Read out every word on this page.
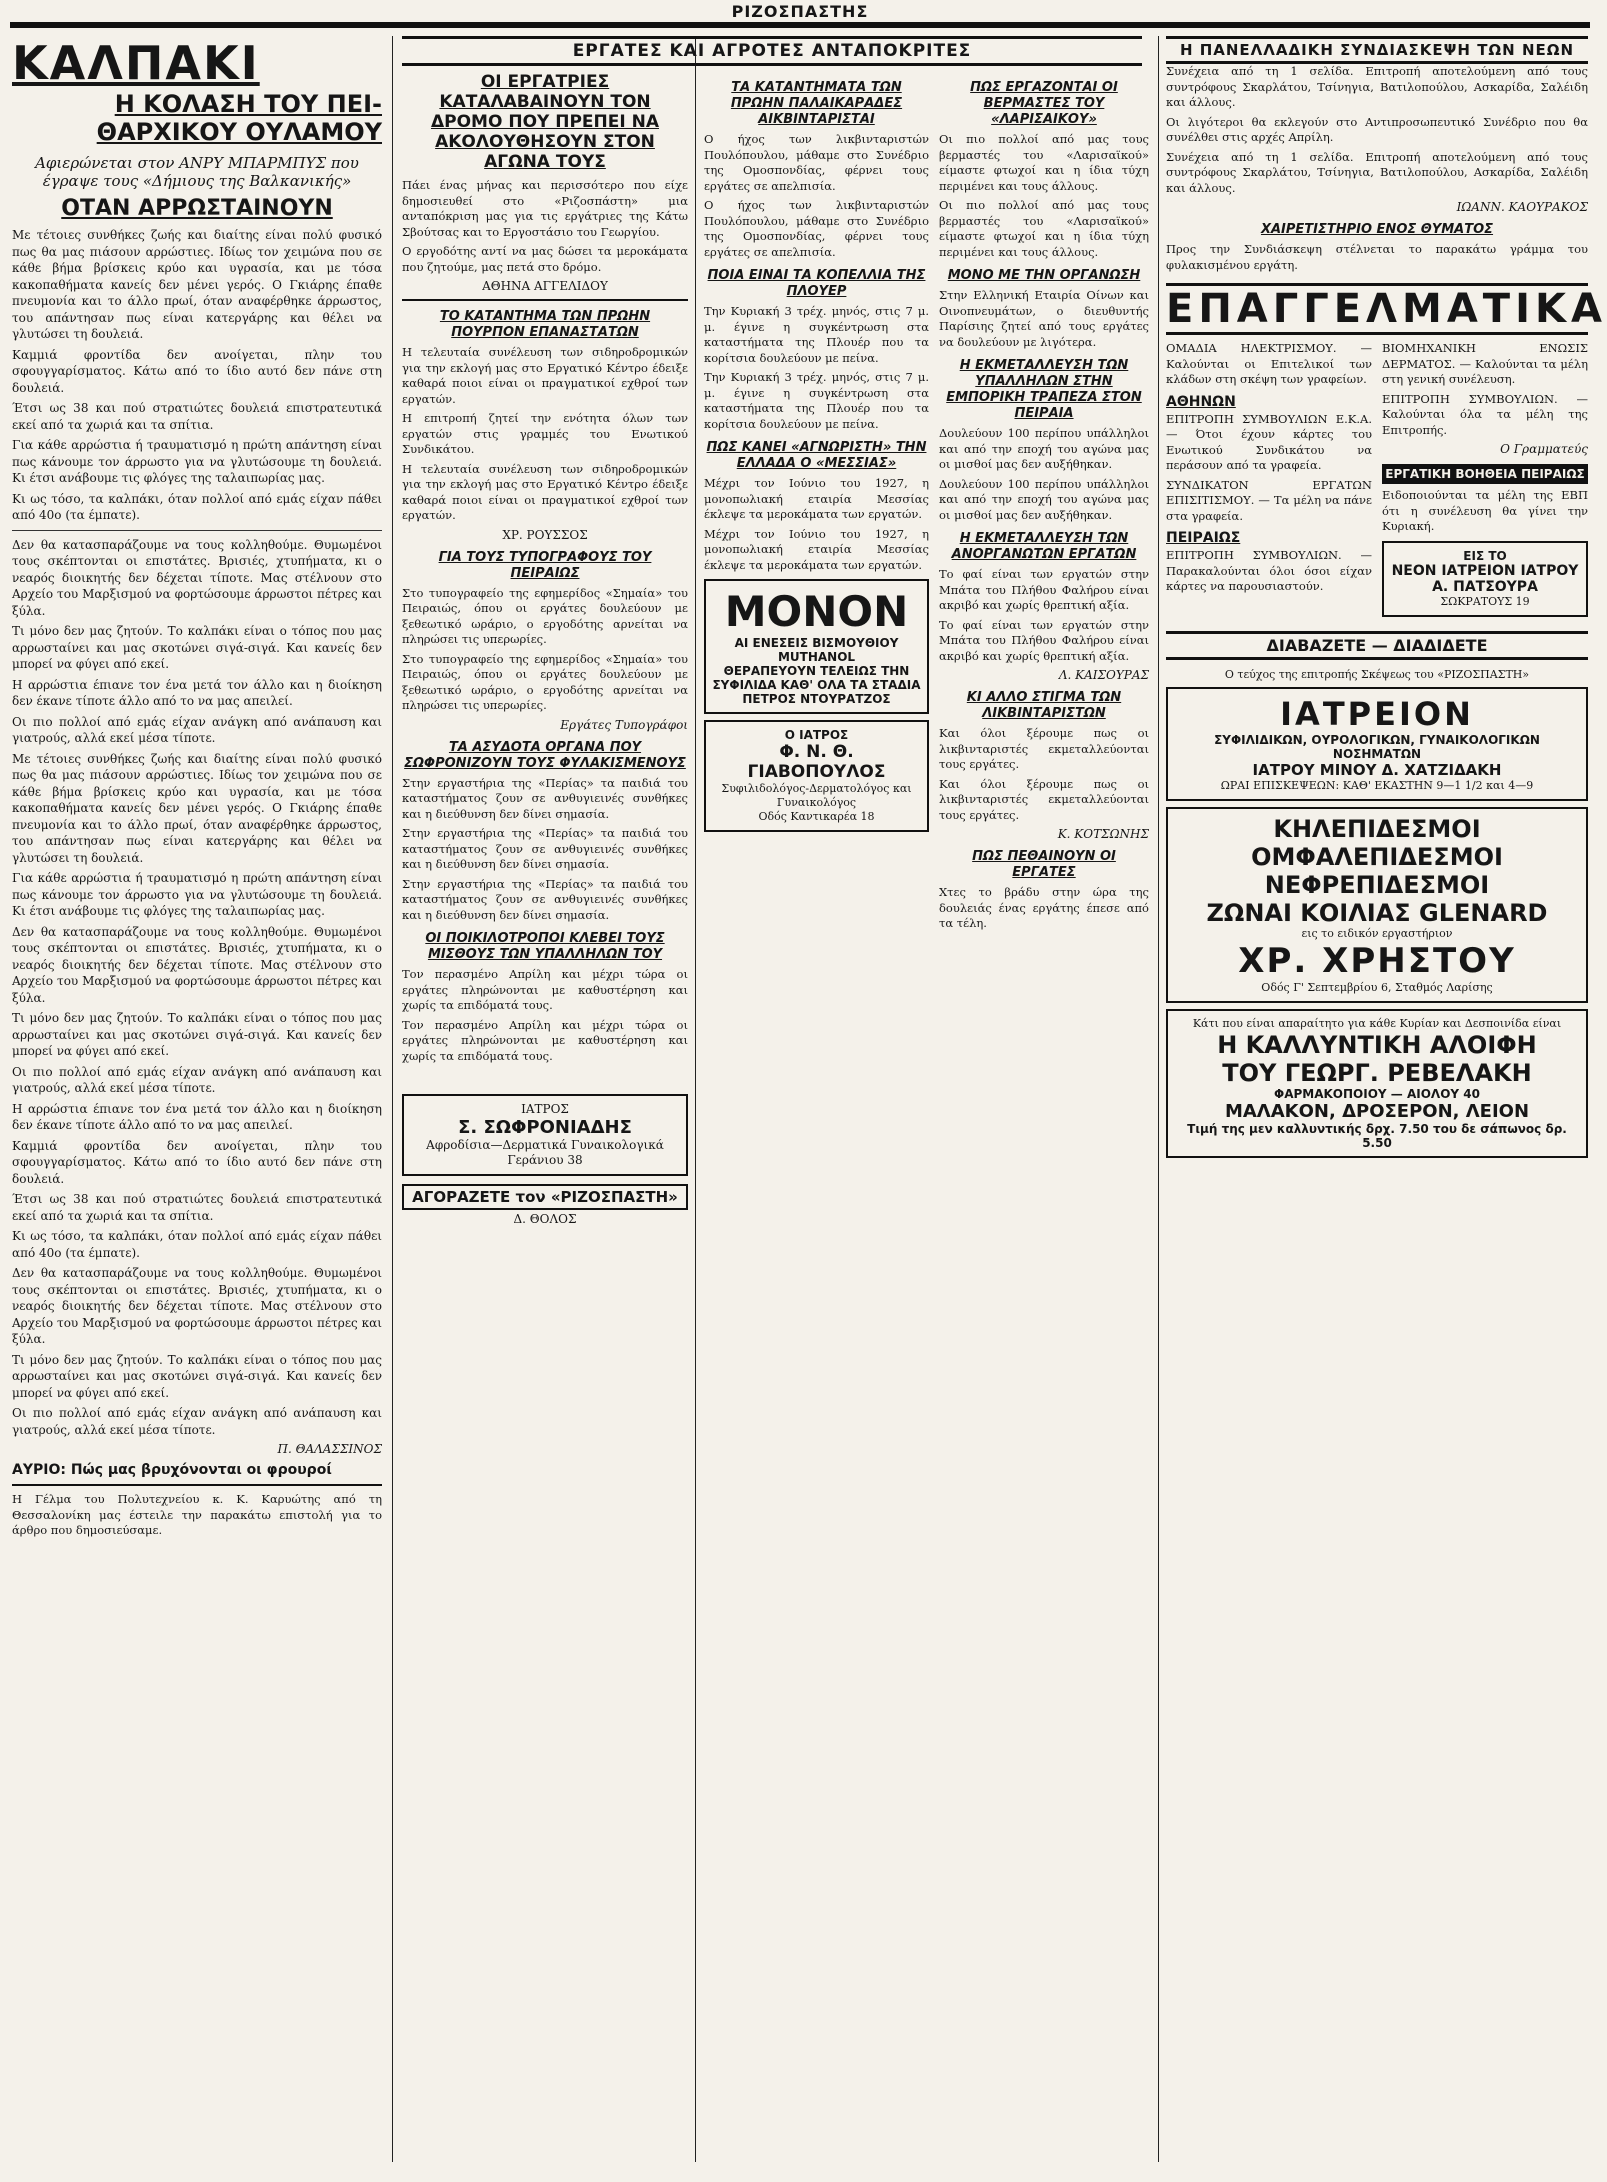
ΡΙΖΟΣΠΑΣΤΗΣ
ΚΑΛΠΑΚΙ
Η ΚΟΛΑΣΗ ΤΟΥ ΠΕΙ-ΘΑΡΧΙΚΟΥ ΟΥΛΑΜΟΥ
Αφιερώνεται στον ΑΝΡΥ ΜΠΑΡΜΠΥΣ που έγραψε τους «Δήμιους της Βαλκανικής»
ΟΤΑΝ ΑΡΡΩΣΤΑΙΝΟΥΝ

Με τέτοιες συνθήκες ζωής και διαίτης είναι πολύ φυσικό πως θα μας πιάσουν αρρώστιες. Ιδίως τον χειμώνα που σε κάθε βήμα βρίσκεις κρύο και υγρασία, και με τόσα κακοπαθήματα κανείς δεν μένει γερός. Ο Γκιάρης έπαθε πνευμονία και το άλλο πρωί, όταν αναφέρθηκε άρρωστος, του απάντησαν πως είναι κατεργάρης και θέλει να γλυτώσει τη δουλειά.

Καμμιά φροντίδα δεν ανοίγεται, πλην του σφουγγαρίσματος. Κάτω από το ίδιο αυτό δεν πάνε στη δουλειά.

Έτσι ως 38 και πού στρατιώτες δουλειά επιστρατευτικά εκεί από τα χωριά και τα σπίτια.

Για κάθε αρρώστια ή τραυματισμό η πρώτη απάντηση είναι πως κάνουμε τον άρρωστο για να γλυτώσουμε τη δουλειά. Κι έτσι ανάβουμε τις φλόγες της ταλαιπωρίας μας.

Κι ως τόσο, τα καλπάκι, όταν πολλοί από εμάς είχαν πάθει από 40ο (τα έμπατε).

Δεν θα κατασπαράζουμε να τους κολληθούμε. Θυμωμένοι τους σκέπτονται οι επιστάτες. Βρισιές, χτυπήματα, κι ο νεαρός διοικητής δεν δέχεται τίποτε. Μας στέλνουν στο Αρχείο του Μαρξισμού να φορτώσουμε άρρωστοι πέτρες και ξύλα.

Τι μόνο δεν μας ζητούν. Το καλπάκι είναι ο τόπος που μας αρρωσταίνει και μας σκοτώνει σιγά-σιγά. Και κανείς δεν μπορεί να φύγει από εκεί.

Η αρρώστια έπιανε τον ένα μετά τον άλλο και η διοίκηση δεν έκανε τίποτε άλλο από το να μας απειλεί.

Οι πιο πολλοί από εμάς είχαν ανάγκη από ανάπαυση και γιατρούς, αλλά εκεί μέσα τίποτε.

Με τέτοιες συνθήκες ζωής και διαίτης είναι πολύ φυσικό πως θα μας πιάσουν αρρώστιες. Ιδίως τον χειμώνα που σε κάθε βήμα βρίσκεις κρύο και υγρασία, και με τόσα κακοπαθήματα κανείς δεν μένει γερός. Ο Γκιάρης έπαθε πνευμονία και το άλλο πρωί, όταν αναφέρθηκε άρρωστος, του απάντησαν πως είναι κατεργάρης και θέλει να γλυτώσει τη δουλειά.

Για κάθε αρρώστια ή τραυματισμό η πρώτη απάντηση είναι πως κάνουμε τον άρρωστο για να γλυτώσουμε τη δουλειά. Κι έτσι ανάβουμε τις φλόγες της ταλαιπωρίας μας.

Δεν θα κατασπαράζουμε να τους κολληθούμε. Θυμωμένοι τους σκέπτονται οι επιστάτες. Βρισιές, χτυπήματα, κι ο νεαρός διοικητής δεν δέχεται τίποτε. Μας στέλνουν στο Αρχείο του Μαρξισμού να φορτώσουμε άρρωστοι πέτρες και ξύλα.

Τι μόνο δεν μας ζητούν. Το καλπάκι είναι ο τόπος που μας αρρωσταίνει και μας σκοτώνει σιγά-σιγά. Και κανείς δεν μπορεί να φύγει από εκεί.

Οι πιο πολλοί από εμάς είχαν ανάγκη από ανάπαυση και γιατρούς, αλλά εκεί μέσα τίποτε.

Η αρρώστια έπιανε τον ένα μετά τον άλλο και η διοίκηση δεν έκανε τίποτε άλλο από το να μας απειλεί.

Καμμιά φροντίδα δεν ανοίγεται, πλην του σφουγγαρίσματος. Κάτω από το ίδιο αυτό δεν πάνε στη δουλειά.

Έτσι ως 38 και πού στρατιώτες δουλειά επιστρατευτικά εκεί από τα χωριά και τα σπίτια.

Κι ως τόσο, τα καλπάκι, όταν πολλοί από εμάς είχαν πάθει από 40ο (τα έμπατε).

Δεν θα κατασπαράζουμε να τους κολληθούμε. Θυμωμένοι τους σκέπτονται οι επιστάτες. Βρισιές, χτυπήματα, κι ο νεαρός διοικητής δεν δέχεται τίποτε. Μας στέλνουν στο Αρχείο του Μαρξισμού να φορτώσουμε άρρωστοι πέτρες και ξύλα.

Τι μόνο δεν μας ζητούν. Το καλπάκι είναι ο τόπος που μας αρρωσταίνει και μας σκοτώνει σιγά-σιγά. Και κανείς δεν μπορεί να φύγει από εκεί.

Οι πιο πολλοί από εμάς είχαν ανάγκη από ανάπαυση και γιατρούς, αλλά εκεί μέσα τίποτε.

Π. ΘΑΛΑΣΣΙΝΟΣ
ΑΥΡΙΟ: Πώς μας βρυχόνονται οι φρουροί

Η Γέλμα του Πολυτεχνείου κ. Κ. Καρυώτης από τη Θεσσαλονίκη μας έστειλε την παρακάτω επιστολή για το άρθρο που δημοσιεύσαμε.

ΕΡΓΑΤΕΣ ΚΑΙ ΑΓΡΟΤΕΣ ΑΝΤΑΠΟΚΡΙΤΕΣ
ΟΙ ΕΡΓΑΤΡΙΕΣ ΚΑΤΑΛΑΒΑΙΝΟΥΝ ΤΟΝ ΔΡΟΜΟ ΠΟΥ ΠΡΕΠΕΙ ΝΑ ΑΚΟΛΟΥΘΗΣΟΥΝ ΣΤΟΝ ΑΓΩΝΑ ΤΟΥΣ

Πάει ένας μήνας και περισσότερο που είχε δημοσιευθεί στο «Ριζοσπάστη» μια ανταπόκριση μας για τις εργάτριες της Κάτω Σβούτσας και το Εργοστάσιο του Γεωργίου.

Ο εργοδότης αντί να μας δώσει τα μεροκάματα που ζητούμε, μας πετά στο δρόμο.

ΑΘΗΝΑ ΑΓΓΕΛΙΔΟΥ
ΤΟ ΚΑΤΑΝΤΗΜΑ ΤΩΝ ΠΡΩΗΝ ΠΟΥΡΠΟΝ ΕΠΑΝΑΣΤΑΤΩΝ

Η τελευταία συνέλευση των σιδηροδρομικών για την εκλογή μας στο Εργατικό Κέντρο έδειξε καθαρά ποιοι είναι οι πραγματικοί εχθροί των εργατών.

Η επιτροπή ζητεί την ενότητα όλων των εργατών στις γραμμές του Ενωτικού Συνδικάτου.

Η τελευταία συνέλευση των σιδηροδρομικών για την εκλογή μας στο Εργατικό Κέντρο έδειξε καθαρά ποιοι είναι οι πραγματικοί εχθροί των εργατών.

ΧΡ. ΡΟΥΣΣΟΣ
ΓΙΑ ΤΟΥΣ ΤΥΠΟΓΡΑΦΟΥΣ ΤΟΥ ΠΕΙΡΑΙΩΣ

Στο τυπογραφείο της εφημερίδος «Σημαία» του Πειραιώς, όπου οι εργάτες δουλεύουν με ξεθεωτικό ωράριο, ο εργοδότης αρνείται να πληρώσει τις υπερωρίες.

Στο τυπογραφείο της εφημερίδος «Σημαία» του Πειραιώς, όπου οι εργάτες δουλεύουν με ξεθεωτικό ωράριο, ο εργοδότης αρνείται να πληρώσει τις υπερωρίες.

Εργάτες Τυπογράφοι
ΤΑ ΑΣΥΔΟΤΑ ΟΡΓΑΝΑ ΠΟΥ ΣΩΦΡΟΝΙΖΟΥΝ ΤΟΥΣ ΦΥΛΑΚΙΣΜΕΝΟΥΣ

Στην εργαστήρια της «Περίας» τα παιδιά του καταστήματος ζουν σε ανθυγιεινές συνθήκες και η διεύθυνση δεν δίνει σημασία.

Στην εργαστήρια της «Περίας» τα παιδιά του καταστήματος ζουν σε ανθυγιεινές συνθήκες και η διεύθυνση δεν δίνει σημασία.

Στην εργαστήρια της «Περίας» τα παιδιά του καταστήματος ζουν σε ανθυγιεινές συνθήκες και η διεύθυνση δεν δίνει σημασία.

ΟΙ ΠΟΙΚΙΛΟΤΡΟΠΟΙ ΚΛΕΒΕΙ ΤΟΥΣ ΜΙΣΘΟΥΣ ΤΩΝ ΥΠΑΛΛΗΛΩΝ ΤΟΥ

Τον περασμένο Απρίλη και μέχρι τώρα οι εργάτες πληρώνονται με καθυστέρηση και χωρίς τα επιδόματά τους.

Τον περασμένο Απρίλη και μέχρι τώρα οι εργάτες πληρώνονται με καθυστέρηση και χωρίς τα επιδόματά τους.

ΙΑΤΡΟΣ
Σ. ΣΩΦΡΟΝΙΑΔΗΣ
Αφροδίσια—Δερματικά Γυναικολογικά
Γεράνιου 38
ΑΓΟΡΑΖΕΤΕ τον «ΡΙΖΟΣΠΑΣΤΗ»
Δ. ΘΟΛΟΣ
ΤΑ ΚΑΤΑΝΤΗΜΑΤΑ ΤΩΝ ΠΡΩΗΝ ΠΑΛΑΙΚΑΡΑΔΕΣ ΑΙΚΒΙΝΤΑΡΙΣΤΑΙ

Ο ήχος των λικβινταριστών Πουλόπουλου, μάθαμε στο Συνέδριο της Ομοσπονδίας, φέρνει τους εργάτες σε απελπισία.

Ο ήχος των λικβινταριστών Πουλόπουλου, μάθαμε στο Συνέδριο της Ομοσπονδίας, φέρνει τους εργάτες σε απελπισία.

ΠΟΙΑ ΕΙΝΑΙ ΤΑ ΚΟΠΕΛΛΙΑ ΤΗΣ ΠΛΟΥΕΡ

Την Κυριακή 3 τρέχ. μηνός, στις 7 μ. μ. έγινε η συγκέντρωση στα καταστήματα της Πλουέρ που τα κορίτσια δουλεύουν με πείνα.

Την Κυριακή 3 τρέχ. μηνός, στις 7 μ. μ. έγινε η συγκέντρωση στα καταστήματα της Πλουέρ που τα κορίτσια δουλεύουν με πείνα.

ΠΩΣ ΚΑΝΕΙ «ΑΓΝΩΡΙΣΤΗ» ΤΗΝ ΕΛΛΑΔΑ Ο «ΜΕΣΣΙΑΣ»

Μέχρι τον Ιούνιο του 1927, η μονοπωλιακή εταιρία Μεσσίας έκλεψε τα μεροκάματα των εργατών.

Μέχρι τον Ιούνιο του 1927, η μονοπωλιακή εταιρία Μεσσίας έκλεψε τα μεροκάματα των εργατών.

ΜΟΝΟΝ
ΑΙ ΕΝΕΣΕΙΣ ΒΙΣΜΟΥΘΙΟΥ MUTHANOL
ΘΕΡΑΠΕΥΟΥΝ ΤΕΛΕΙΩΣ ΤΗΝ ΣΥΦΙΛΙΔΑ ΚΑΘ' ΟΛΑ ΤΑ ΣΤΑΔΙΑ
ΠΕΤΡΟΣ ΝΤΟΥΡΑΤΖΟΣ
Ο ΙΑΤΡΟΣ
Φ. Ν. Θ. ΓΙΑΒΟΠΟΥΛΟΣ
Συφιλιδολόγος-Δερματολόγος και Γυναικολόγος
Οδός Καντικαρέα 18
ΠΩΣ ΕΡΓΑΖΟΝΤΑΙ ΟΙ ΒΕΡΜΑΣΤΕΣ ΤΟΥ «ΛΑΡΙΣΑΙΚΟΥ»

Οι πιο πολλοί από μας τους βερμαστές του «Λαρισαϊκού» είμαστε φτωχοί και η ίδια τύχη περιμένει και τους άλλους.

Οι πιο πολλοί από μας τους βερμαστές του «Λαρισαϊκού» είμαστε φτωχοί και η ίδια τύχη περιμένει και τους άλλους.

ΜΟΝΟ ΜΕ ΤΗΝ ΟΡΓΑΝΩΣΗ

Στην Ελληνική Εταιρία Οίνων και Οινοπνευμάτων, ο διευθυντής Παρίσιης ζητεί από τους εργάτες να δουλεύουν με λιγότερα.

Η ΕΚΜΕΤΑΛΛΕΥΣΗ ΤΩΝ ΥΠΑΛΛΗΛΩΝ ΣΤΗΝ ΕΜΠΟΡΙΚΗ ΤΡΑΠΕΖΑ ΣΤΟΝ ΠΕΙΡΑΙΑ

Δουλεύουν 100 περίπου υπάλληλοι και από την εποχή του αγώνα μας οι μισθοί μας δεν αυξήθηκαν.

Δουλεύουν 100 περίπου υπάλληλοι και από την εποχή του αγώνα μας οι μισθοί μας δεν αυξήθηκαν.

Η ΕΚΜΕΤΑΛΛΕΥΣΗ ΤΩΝ ΑΝΟΡΓΑΝΩΤΩΝ ΕΡΓΑΤΩΝ

Το φαί είναι των εργατών στην Μπάτα του Πλήθου Φαλήρου είναι ακριβό και χωρίς θρεπτική αξία.

Το φαί είναι των εργατών στην Μπάτα του Πλήθου Φαλήρου είναι ακριβό και χωρίς θρεπτική αξία.

Λ. ΚΑΙΣΟΥΡΑΣ
ΚΙ ΑΛΛΟ ΣΤΙΓΜΑ ΤΩΝ ΛΙΚΒΙΝΤΑΡΙΣΤΩΝ

Και όλοι ξέρουμε πως οι λικβινταριστές εκμεταλλεύονται τους εργάτες.

Και όλοι ξέρουμε πως οι λικβινταριστές εκμεταλλεύονται τους εργάτες.

Κ. ΚΟΤΣΩΝΗΣ
ΠΩΣ ΠΕΘΑΙΝΟΥΝ ΟΙ ΕΡΓΑΤΕΣ

Χτες το βράδυ στην ώρα της δουλειάς ένας εργάτης έπεσε από τα τέλη.

Η ΠΑΝΕΛΛΑΔΙΚΗ ΣΥΝΔΙΑΣΚΕΨΗ ΤΩΝ ΝΕΩΝ

Συνέχεια από τη 1 σελίδα. Επιτροπή αποτελούμενη από τους συντρόφους Σκαρλάτου, Τσίνηγια, Βατιλοπούλου, Ασκαρίδα, Σαλέιδη και άλλους.

Οι λιγότεροι θα εκλεγούν στο Αντιπροσωπευτικό Συνέδριο που θα συνέλθει στις αρχές Απρίλη.

Συνέχεια από τη 1 σελίδα. Επιτροπή αποτελούμενη από τους συντρόφους Σκαρλάτου, Τσίνηγια, Βατιλοπούλου, Ασκαρίδα, Σαλέιδη και άλλους.

ΙΩΑΝΝ. ΚΑΟΥΡΑΚΟΣ
ΧΑΙΡΕΤΙΣΤΗΡΙΟ ΕΝΟΣ ΘΥΜΑΤΟΣ

Προς την Συνδιάσκεψη στέλνεται το παρακάτω γράμμα του φυλακισμένου εργάτη.

ΕΠΑΓΓΕΛΜΑΤΙΚΑ

ΟΜΑΔΙΑ ΗΛΕΚΤΡΙΣΜΟΥ. — Καλούνται οι Επιτελικοί των κλάδων στη σκέψη των γραφείων.

ΑΘΗΝΩΝ

ΕΠΙΤΡΟΠΗ ΣΥΜΒΟΥΛΙΩΝ Ε.Κ.Α. — Ότοι έχουν κάρτες του Ενωτικού Συνδικάτου να περάσουν από τα γραφεία.

ΣΥΝΔΙΚΑΤΟΝ ΕΡΓΑΤΩΝ ΕΠΙΣΙΤΙΣΜΟΥ. — Τα μέλη να πάνε στα γραφεία.

ΠΕΙΡΑΙΩΣ

ΕΠΙΤΡΟΠΗ ΣΥΜΒΟΥΛΙΩΝ. — Παρακαλούνται όλοι όσοι είχαν κάρτες να παρουσιαστούν.

ΒΙΟΜΗΧΑΝΙΚΗ ΕΝΩΣΙΣ ΔΕΡΜΑΤΟΣ. — Καλούνται τα μέλη στη γενική συνέλευση.

ΕΠΙΤΡΟΠΗ ΣΥΜΒΟΥΛΙΩΝ. — Καλούνται όλα τα μέλη της Επιτροπής.

Ο Γραμματεύς
ΕΡΓΑΤΙΚΗ ΒΟΗΘΕΙΑ ΠΕΙΡΑΙΩΣ

Ειδοποιούνται τα μέλη της ΕΒΠ ότι η συνέλευση θα γίνει την Κυριακή.

ΕΙΣ ΤΟ
ΝΕΟΝ ΙΑΤΡΕΙΟΝ ΙΑΤΡΟΥ Α. ΠΑΤΣΟΥΡΑ
ΣΩΚΡΑΤΟΥΣ 19
ΔΙΑΒΑΖΕΤΕ — ΔΙΑΔΙΔΕΤΕ
Ο τεύχος της επιτροπής Σκέψεως του «ΡΙΖΟΣΠΑΣΤΗ»
ΙΑΤΡΕΙΟΝ
ΣΥΦΙΛΙΔΙΚΩΝ, ΟΥΡΟΛΟΓΙΚΩΝ, ΓΥΝΑΙΚΟΛΟΓΙΚΩΝ ΝΟΣΗΜΑΤΩΝ
ΙΑΤΡΟΥ ΜΙΝΟΥ Δ. ΧΑΤΖΙΔΑΚΗ
ΩΡΑΙ ΕΠΙΣΚΕΨΕΩΝ: ΚΑΘ' ΕΚΑΣΤΗΝ 9—1 1/2 και 4—9
ΚΗΛΕΠΙΔΕΣΜΟΙ
ΟΜΦΑΛΕΠΙΔΕΣΜΟΙ
ΝΕΦΡΕΠΙΔΕΣΜΟΙ
ΖΩΝΑΙ ΚΟΙΛΙΑΣ GLENARD
εις το ειδικόν εργαστήριον
ΧΡ. ΧΡΗΣΤΟΥ
Οδός Γ' Σεπτεμβρίου 6, Σταθμός Λαρίσης
Κάτι που είναι απαραίτητο για κάθε Κυρίαν και Δεσποινίδα είναι
Η ΚΑΛΛΥΝΤΙΚΗ ΑΛΟΙΦΗ
ΤΟΥ ΓΕΩΡΓ. ΡΕΒΕΛΑΚΗ
ΦΑΡΜΑΚΟΠΟΙΟΥ — ΑΙΟΛΟΥ 40
ΜΑΛΑΚΟΝ, ΔΡΟΣΕΡΟΝ, ΛΕΙΟΝ
Τιμή της μεν καλλυντικής δρχ. 7.50 του δε σάπωνος δρ. 5.50
